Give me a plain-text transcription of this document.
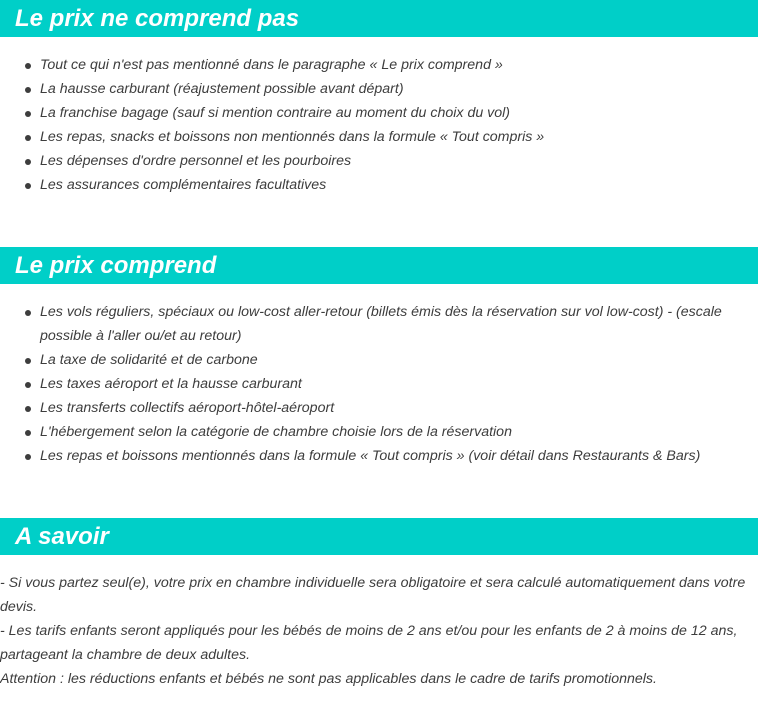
Le prix ne comprend pas
Tout ce qui n'est pas mentionné dans le paragraphe « Le prix comprend »
La hausse carburant (réajustement possible avant départ)
La franchise bagage (sauf si mention contraire au moment du choix du vol)
Les repas, snacks et boissons non mentionnés dans la formule « Tout compris »
Les dépenses d'ordre personnel et les pourboires
Les assurances complémentaires facultatives
Le prix comprend
Les vols réguliers, spéciaux ou low-cost aller-retour (billets émis dès la réservation sur vol low-cost) - (escale possible à l'aller ou/et au retour)
La taxe de solidarité et de carbone
Les taxes aéroport et la hausse carburant
Les transferts collectifs aéroport-hôtel-aéroport
L'hébergement selon la catégorie de chambre choisie lors de la réservation
Les repas et boissons mentionnés dans la formule « Tout compris » (voir détail dans Restaurants & Bars)
A savoir

- Si vous partez seul(e), votre prix en chambre individuelle sera obligatoire et sera calculé automatiquement dans votre devis.

- Les tarifs enfants seront appliqués pour les bébés de moins de 2 ans et/ou pour les enfants de 2 à moins de 12 ans, partageant la chambre de deux adultes.

Attention : les réductions enfants et bébés ne sont pas applicables dans le cadre de tarifs promotionnels.
